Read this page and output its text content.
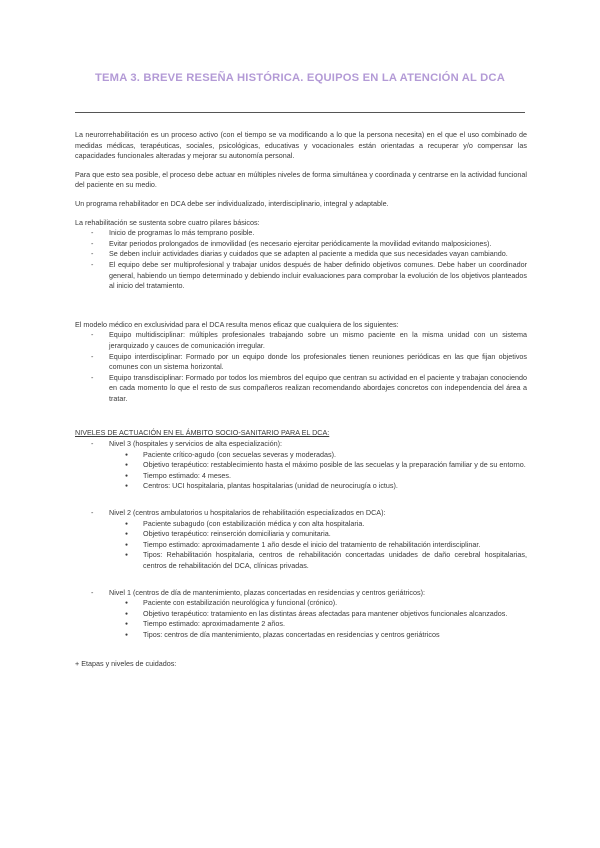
TEMA 3. BREVE RESEÑA HISTÓRICA. EQUIPOS EN LA ATENCIÓN AL DCA

La neurorrehabilitación es un proceso activo (con el tiempo se va modificando a lo que la persona necesita) en el que el uso combinado de medidas médicas, terapéuticas, sociales, psicológicas, educativas y vocacionales están orientadas a recuperar y/o compensar las capacidades funcionales alteradas y mejorar su autonomía personal.

Para que esto sea posible, el proceso debe actuar en múltiples niveles de forma simultánea y coordinada y centrarse en la actividad funcional del paciente en su medio.

Un programa rehabilitador en DCA debe ser individualizado, interdisciplinario, integral y adaptable.

La rehabilitación se sustenta sobre cuatro pilares básicos:

- Inicio de programas lo más temprano posible.
- Evitar periodos prolongados de inmovilidad (es necesario ejercitar periódicamente la movilidad evitando malposiciones).
- Se deben incluir actividades diarias y cuidados que se adapten al paciente a medida que sus necesidades vayan cambiando.
- El equipo debe ser multiprofesional y trabajar unidos después de haber definido objetivos comunes. Debe haber un coordinador general, habiendo un tiempo determinado y debiendo incluir evaluaciones para comprobar la evolución de los objetivos planteados al inicio del tratamiento.

El modelo médico en exclusividad para el DCA resulta menos eficaz que cualquiera de los siguientes:

- Equipo multidisciplinar: múltiples profesionales trabajando sobre un mismo paciente en la misma unidad con un sistema jerarquizado y cauces de comunicación irregular.
- Equipo interdisciplinar: Formado por un equipo donde los profesionales tienen reuniones periódicas en las que fijan objetivos comunes con un sistema horizontal.
- Equipo transdisciplinar: Formado por todos los miembros del equipo que centran su actividad en el paciente y trabajan conociendo en cada momento lo que el resto de sus compañeros realizan recomendando abordajes concretos con independencia del área a tratar.

NIVELES DE ACTUACIÓN EN EL ÁMBITO SOCIO-SANITARIO PARA EL DCA:

- Nivel 3 (hospitales y servicios de alta especialización):
● Paciente crítico-agudo (con secuelas severas y moderadas).
● Objetivo terapéutico: restablecimiento hasta el máximo posible de las secuelas y la preparación familiar y de su entorno.
● Tiempo estimado: 4 meses.
● Centros: UCI hospitalaria, plantas hospitalarias (unidad de neurocirugía o ictus).
- Nivel 2 (centros ambulatorios u hospitalarios de rehabilitación especializados en DCA):
● Paciente subagudo (con estabilización médica y con alta hospitalaria.
● Objetivo terapéutico: reinserción domiciliaria y comunitaria.
● Tiempo estimado: aproximadamente 1 año desde el inicio del tratamiento de rehabilitación interdisciplinar.
● Tipos: Rehabilitación hospitalaria, centros de rehabilitación concertadas unidades de daño cerebral hospitalarias, centros de rehabilitación del DCA, clínicas privadas.
- Nivel 1 (centros de día de mantenimiento, plazas concertadas en residencias y centros geriátricos):
● Paciente con estabilización neurológica y funcional (crónico).
● Objetivo terapéutico: tratamiento en las distintas áreas afectadas para mantener objetivos funcionales alcanzados.
● Tiempo estimado: aproximadamente 2 años.
● Tipos: centros de día mantenimiento, plazas concertadas en residencias y centros geriátricos

+ Etapas y niveles de cuidados:
